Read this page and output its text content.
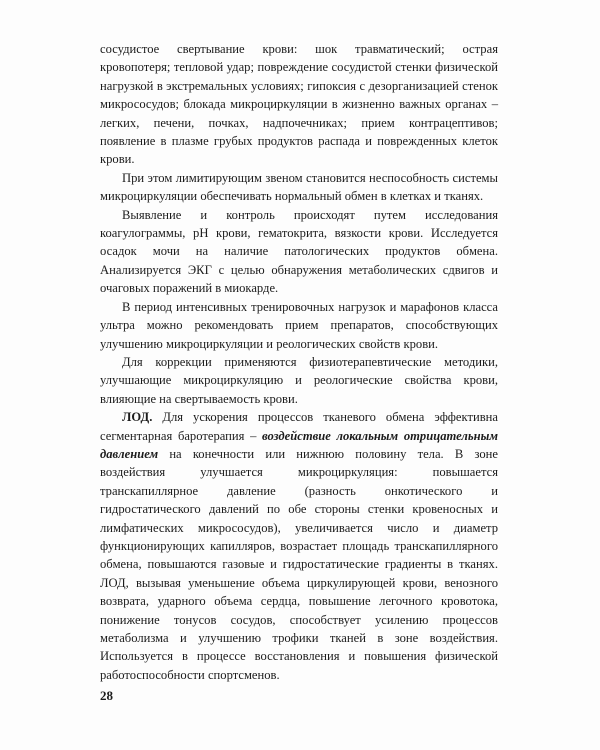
сосудистое свертывание крови: шок травматический; острая кровопотеря; тепловой удар; повреждение сосудистой стенки физической нагрузкой в экстремальных условиях; гипоксия с дезорганизацией стенок микрососудов; блокада микроциркуляции в жизненно важных органах – легких, печени, почках, надпочечниках; прием контрацептивов; появление в плазме грубых продуктов распада и поврежденных клеток крови.

При этом лимитирующим звеном становится неспособность системы микроциркуляции обеспечивать нормальный обмен в клетках и тканях.

Выявление и контроль происходят путем исследования коагулограммы, pH крови, гематокрита, вязкости крови. Исследуется осадок мочи на наличие патологических продуктов обмена. Анализируется ЭКГ с целью обнаружения метаболических сдвигов и очаговых поражений в миокарде.

В период интенсивных тренировочных нагрузок и марафонов класса ультра можно рекомендовать прием препаратов, способствующих улучшению микроциркуляции и реологических свойств крови.

Для коррекции применяются физиотерапевтические методики, улучшающие микроциркуляцию и реологические свойства крови, влияющие на свертываемость крови.

ЛОД. Для ускорения процессов тканевого обмена эффективна сегментарная баротерапия – воздействие локальным отрицательным давлением на конечности или нижнюю половину тела. В зоне воздействия улучшается микроциркуляция: повышается транскапиллярное давление (разность онкотического и гидростатического давлений по обе стороны стенки кровеносных и лимфатических микрососудов), увеличивается число и диаметр функционирующих капилляров, возрастает площадь транскапиллярного обмена, повышаются газовые и гидростатические градиенты в тканях. ЛОД, вызывая уменьшение объема циркулирующей крови, венозного возврата, ударного объема сердца, повышение легочного кровотока, понижение тонусов сосудов, способствует усилению процессов метаболизма и улучшению трофики тканей в зоне воздействия. Используется в процессе восстановления и повышения физической работоспособности спортсменов.

28
